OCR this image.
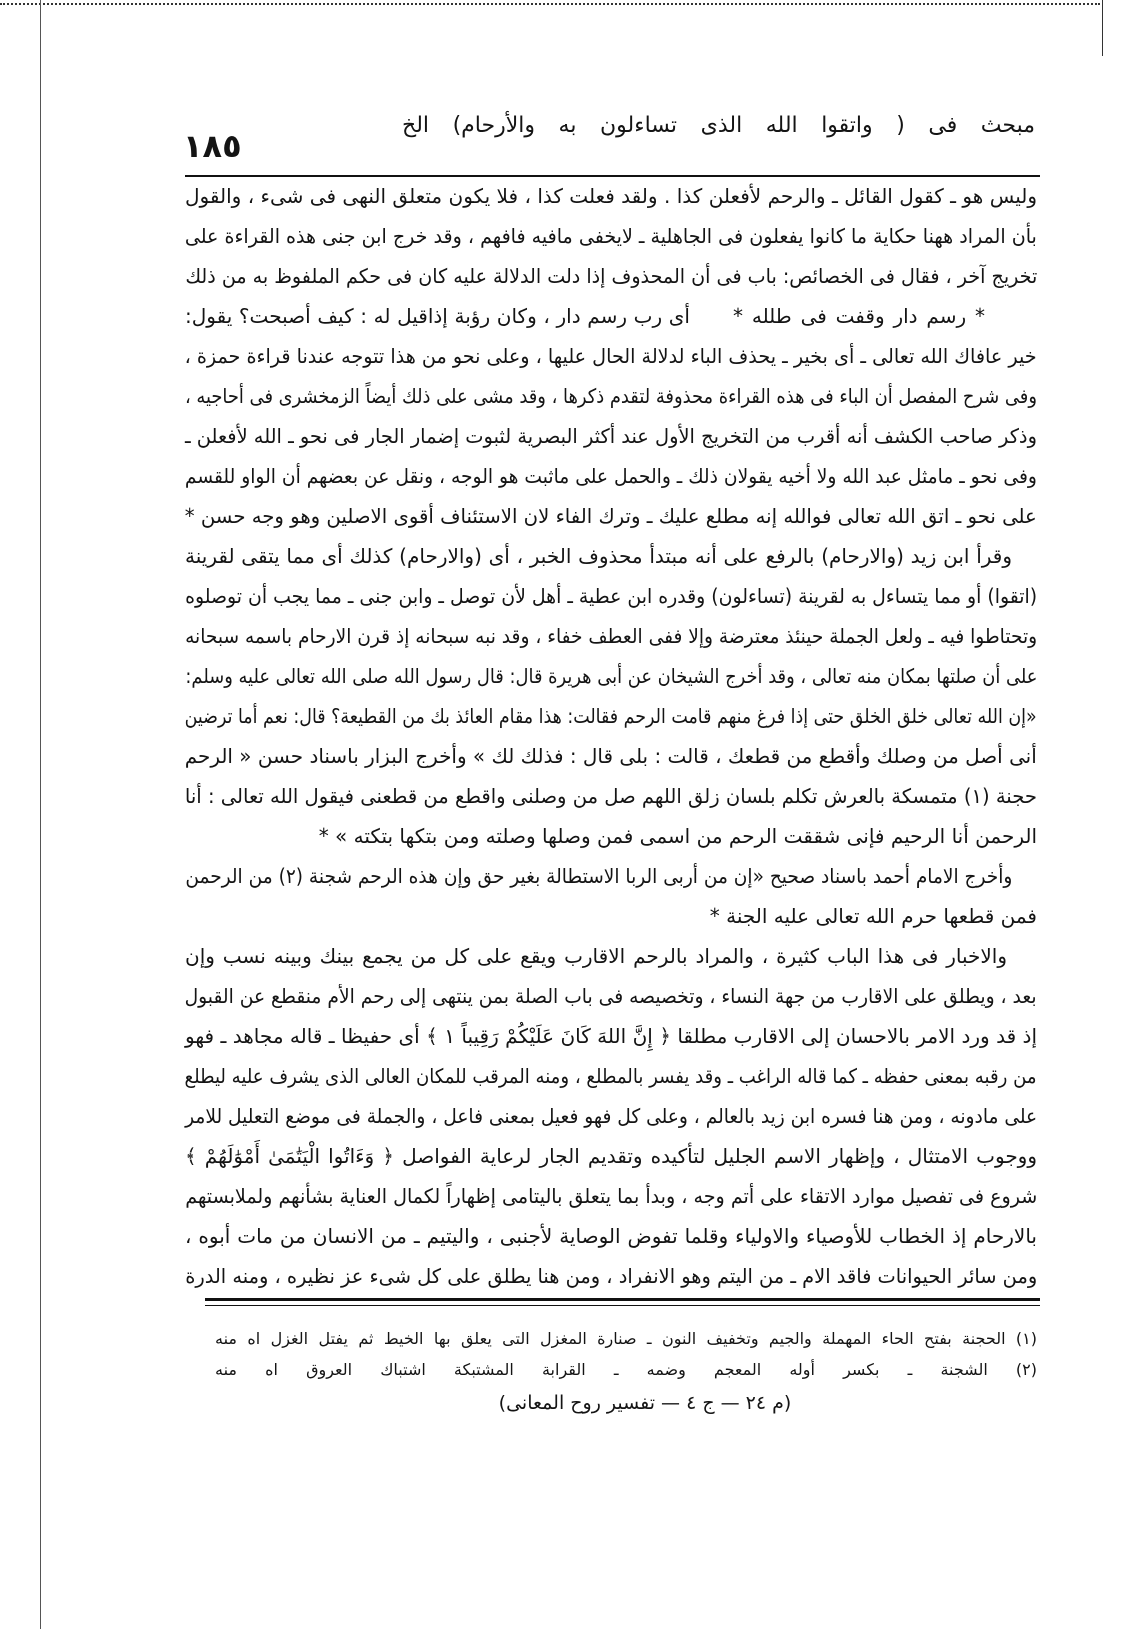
مبحث فى ( واتقوا الله الذى تساءلون به والأرحام) الخ
١٨٥
وليس هو ـ كقول القائل ـ والرحم لأفعلن كذا . ولقد فعلت كذا ، فلا يكون متعلق النهى فى شىء ، والقول
بأن المراد ههنا حكاية ما كانوا يفعلون فى الجاهلية ـ لايخفى مافيه فافهم ، وقد خرج ابن جنى هذه القراءة على
تخريج آخر ، فقال فى الخصائص: باب فى أن المحذوف إذا دلت الدلالة عليه كان فى حكم الملفوظ به من ذلك
* رسم دار وقفت فى طلله *
أى رب رسم دار ، وكان رؤبة إذاقيل له : كيف أصبحت؟ يقول:
خير عافاك الله تعالى ـ أى بخير ـ يحذف الباء لدلالة الحال عليها ، وعلى نحو من هذا تتوجه عندنا قراءة حمزة ،
وفى شرح المفصل أن الباء فى هذه القراءة محذوفة لتقدم ذكرها ، وقد مشى على ذلك أيضاً الزمخشرى فى أحاجيه ،
وذكر صاحب الكشف أنه أقرب من التخريج الأول عند أكثر البصرية لثبوت إضمار الجار فى نحو ـ الله لأفعلن ـ
وفى نحو ـ مامثل عبد الله ولا أخيه يقولان ذلك ـ والحمل على ماثبت هو الوجه ، ونقل عن بعضهم أن الواو للقسم
على نحو ـ اتق الله تعالى فوالله إنه مطلع عليك ـ وترك الفاء لان الاستئناف أقوى الاصلين وهو وجه حسن *
وقرأ ابن زيد (والارحام) بالرفع على أنه مبتدأ محذوف الخبر ، أى (والارحام) كذلك أى مما يتقى لقرينة
(اتقوا) أو مما يتساءل به لقرينة (تساءلون) وقدره ابن عطية ـ أهل لأن توصل ـ وابن جنى ـ مما يجب أن توصلوه
وتحتاطوا فيه ـ ولعل الجملة حينئذ معترضة وإلا ففى العطف خفاء ، وقد نبه سبحانه إذ قرن الارحام باسمه سبحانه
على أن صلتها بمكان منه تعالى ، وقد أخرج الشيخان عن أبى هريرة قال: قال رسول الله صلى الله تعالى عليه وسلم:
«إن الله تعالى خلق الخلق حتى إذا فرغ منهم قامت الرحم فقالت: هذا مقام العائذ بك من القطيعة؟ قال: نعم أما ترضين
أنى أصل من وصلك وأقطع من قطعك ، قالت : بلى قال : فذلك لك » وأخرج البزار باسناد حسن « الرحم
حجنة (١) متمسكة بالعرش تكلم بلسان زلق اللهم صل من وصلنى واقطع من قطعنى فيقول الله تعالى : أنا
الرحمن أنا الرحيم فإنى شققت الرحم من اسمى فمن وصلها وصلته ومن بتكها بتكته » *
وأخرج الامام أحمد باسناد صحيح «إن من أربى الربا الاستطالة بغير حق وإن هذه الرحم شجنة (٢) من الرحمن
فمن قطعها حرم الله تعالى عليه الجنة *
والاخبار فى هذا الباب كثيرة ، والمراد بالرحم الاقارب ويقع على كل من يجمع بينك وبينه نسب وإن
بعد ، ويطلق على الاقارب من جهة النساء ، وتخصيصه فى باب الصلة بمن ينتهى إلى رحم الأم منقطع عن القبول
إذ قد ورد الامر بالاحسان إلى الاقارب مطلقا ﴿ إِنَّ اللهَ كَانَ عَلَيْكُمْ رَقِيباً ١ ﴾ أى حفيظا ـ قاله مجاهد ـ فهو
من رقبه بمعنى حفظه ـ كما قاله الراغب ـ وقد يفسر بالمطلع ، ومنه المرقب للمكان العالى الذى يشرف عليه ليطلع
على مادونه ، ومن هنا فسره ابن زيد بالعالم ، وعلى كل فهو فعيل بمعنى فاعل ، والجملة فى موضع التعليل للامر
ووجوب الامتثال ، وإظهار الاسم الجليل لتأكيده وتقديم الجار لرعاية الفواصل ﴿ وَءَاتُوا الْيَتَٰمَىٰ أَمْوَٰلَهُمْ ﴾
شروع فى تفصيل موارد الاتقاء على أتم وجه ، وبدأ بما يتعلق باليتامى إظهاراً لكمال العناية بشأنهم ولملابستهم
بالارحام إذ الخطاب للأوصياء والاولياء وقلما تفوض الوصاية لأجنبى ، واليتيم ـ من الانسان من مات أبوه ،
ومن سائر الحيوانات فاقد الام ـ من اليتم وهو الانفراد ، ومن هنا يطلق على كل شىء عز نظيره ، ومنه الدرة
(١) الحجنة بفتح الحاء المهملة والجيم وتخفيف النون ـ صنارة المغزل التى يعلق بها الخيط ثم يفتل الغزل اه منه
(٢) الشجنة ـ بكسر أوله المعجم وضمه ـ القرابة المشتبكة اشتباك العروق اه منه
(م ٢٤ — ج ٤ — تفسير روح المعانى)
